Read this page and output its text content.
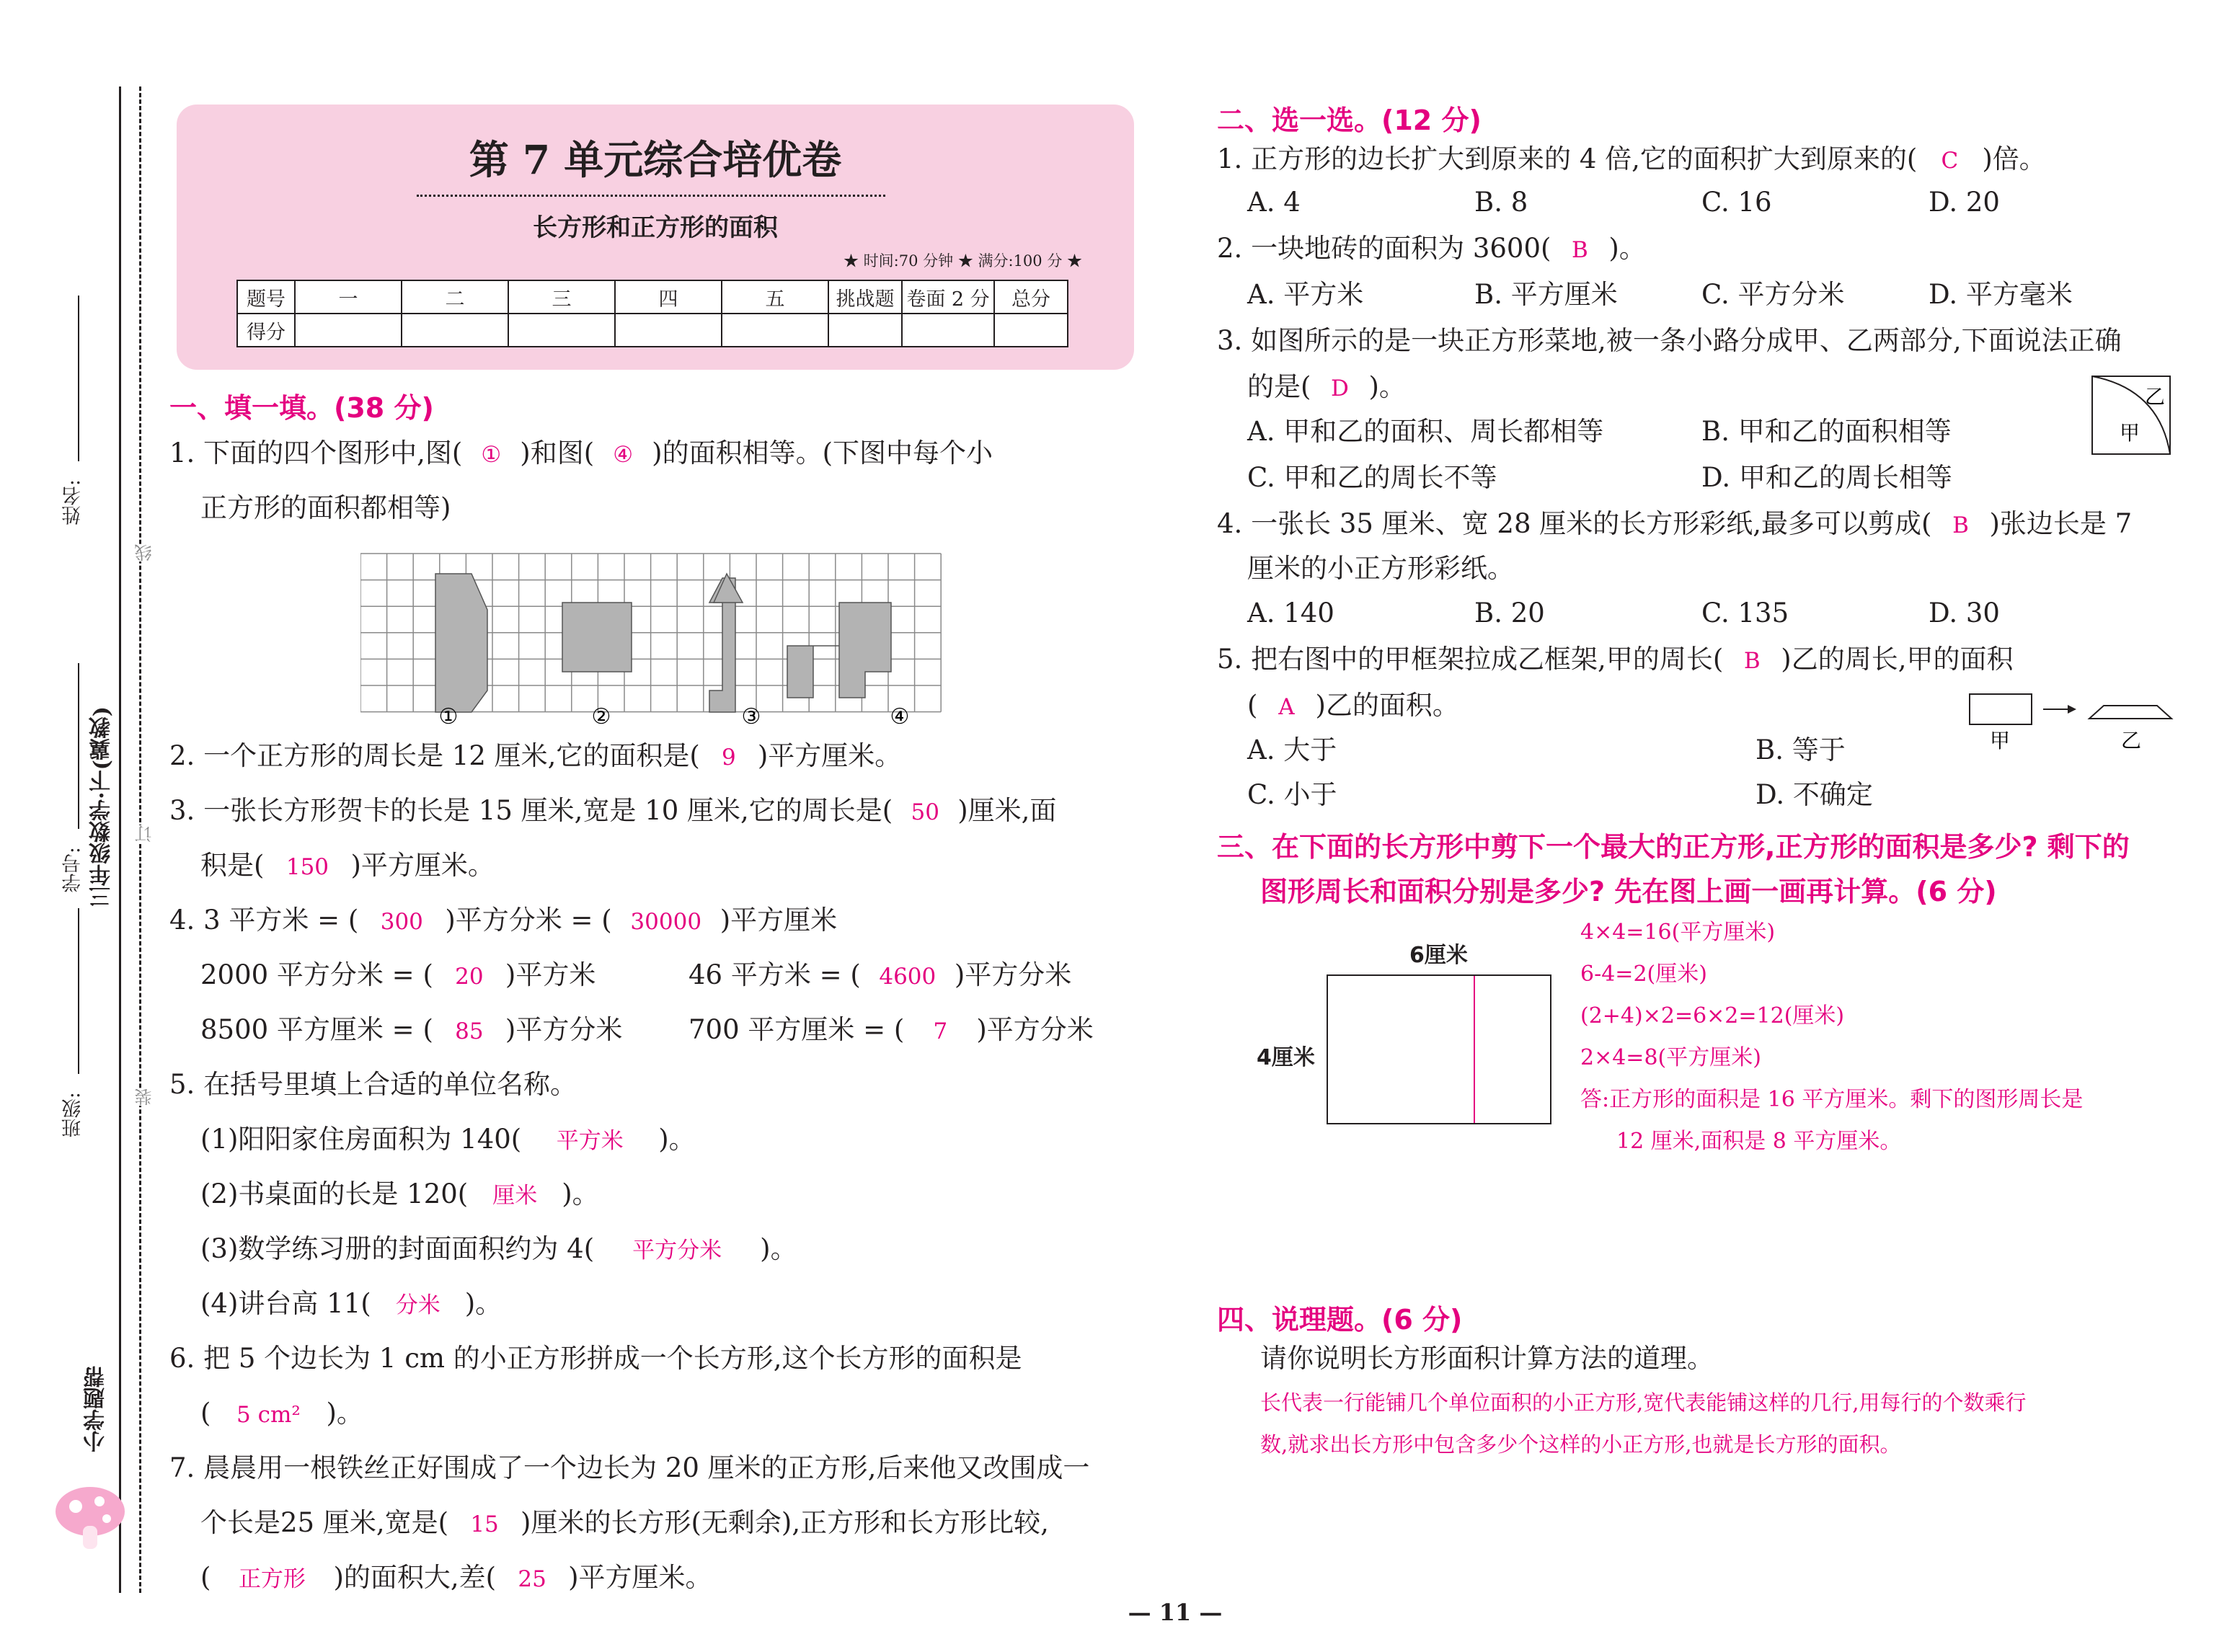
姓名:
学号:
班级:
三年级数学·下(冀教)
小学题帮
线
订
装
第 7 单元综合培优卷
长方形和正方形的面积
★ 时间:70 分钟 ★ 满分:100 分 ★
题号	一	二	三	四	五	挑战题	卷面 2 分	总分
得分								
一、填一填。(38 分)
1. 下面的四个图形中,图( ① )和图( ④ )的面积相等。(下图中每个小
正方形的面积都相等)
①	②	③	④
2. 一个正方形的周长是 12 厘米,它的面积是( 9 )平方厘米。
3. 一张长方形贺卡的长是 15 厘米,宽是 10 厘米,它的周长是( 50 )厘米,面
积是( 150 )平方厘米。
4. 3 平方米 = ( 300 )平方分米 = ( 30000 )平方厘米
2000 平方分米 = ( 20 )平方米	46 平方米 = ( 4600 )平方分米
8500 平方厘米 = ( 85 )平方分米 700 平方厘米 = ( 7 )平方分米
5. 在括号里填上合适的单位名称。
(1)阳阳家住房面积为 140( 平方米 )。
(2)书桌面的长是 120( 厘米 )。
(3)数学练习册的封面面积约为 4( 平方分米 )。
(4)讲台高 11( 分米 )。
6. 把 5 个边长为 1 cm 的小正方形拼成一个长方形,这个长方形的面积是
( 5 cm² )。
7. 晨晨用一根铁丝正好围成了一个边长为 20 厘米的正方形,后来他又改围成一
个长是25 厘米,宽是( 15 )厘米的长方形(无剩余),正方形和长方形比较,
( 正方形 )的面积大,差( 25 )平方厘米。
二、选一选。(12 分)
1. 正方形的边长扩大到原来的 4 倍,它的面积扩大到原来的( C )倍。
A. 4	B. 8	C. 16	D. 20
2. 一块地砖的面积为 3600( B )。
A. 平方米	B. 平方厘米	C. 平方分米	D. 平方毫米
3. 如图所示的是一块正方形菜地,被一条小路分成甲、乙两部分,下面说法正确
的是( D )。
A. 甲和乙的面积、周长都相等	B. 甲和乙的面积相等
C. 甲和乙的周长不等	D. 甲和乙的周长相等
乙
甲
4. 一张长 35 厘米、宽 28 厘米的长方形彩纸,最多可以剪成( B )张边长是 7
厘米的小正方形彩纸。
A. 140	B. 20	C. 135	D. 30
5. 把右图中的甲框架拉成乙框架,甲的周长( B )乙的周长,甲的面积
( A )乙的面积。
A. 大于	B. 等于
C. 小于	D. 不确定
甲	乙
三、在下面的长方形中剪下一个最大的正方形,正方形的面积是多少? 剩下的
图形周长和面积分别是多少? 先在图上画一画再计算。(6 分)
6厘米
4厘米
4×4=16(平方厘米)
6-4=2(厘米)
(2+4)×2=6×2=12(厘米)
2×4=8(平方厘米)
答:正方形的面积是 16 平方厘米。剩下的图形周长是
12 厘米,面积是 8 平方厘米。
四、说理题。(6 分)
请你说明长方形面积计算方法的道理。
长代表一行能铺几个单位面积的小正方形,宽代表能铺这样的几行,用每行的个数乘行
数,就求出长方形中包含多少个这样的小正方形,也就是长方形的面积。
— 11 —
